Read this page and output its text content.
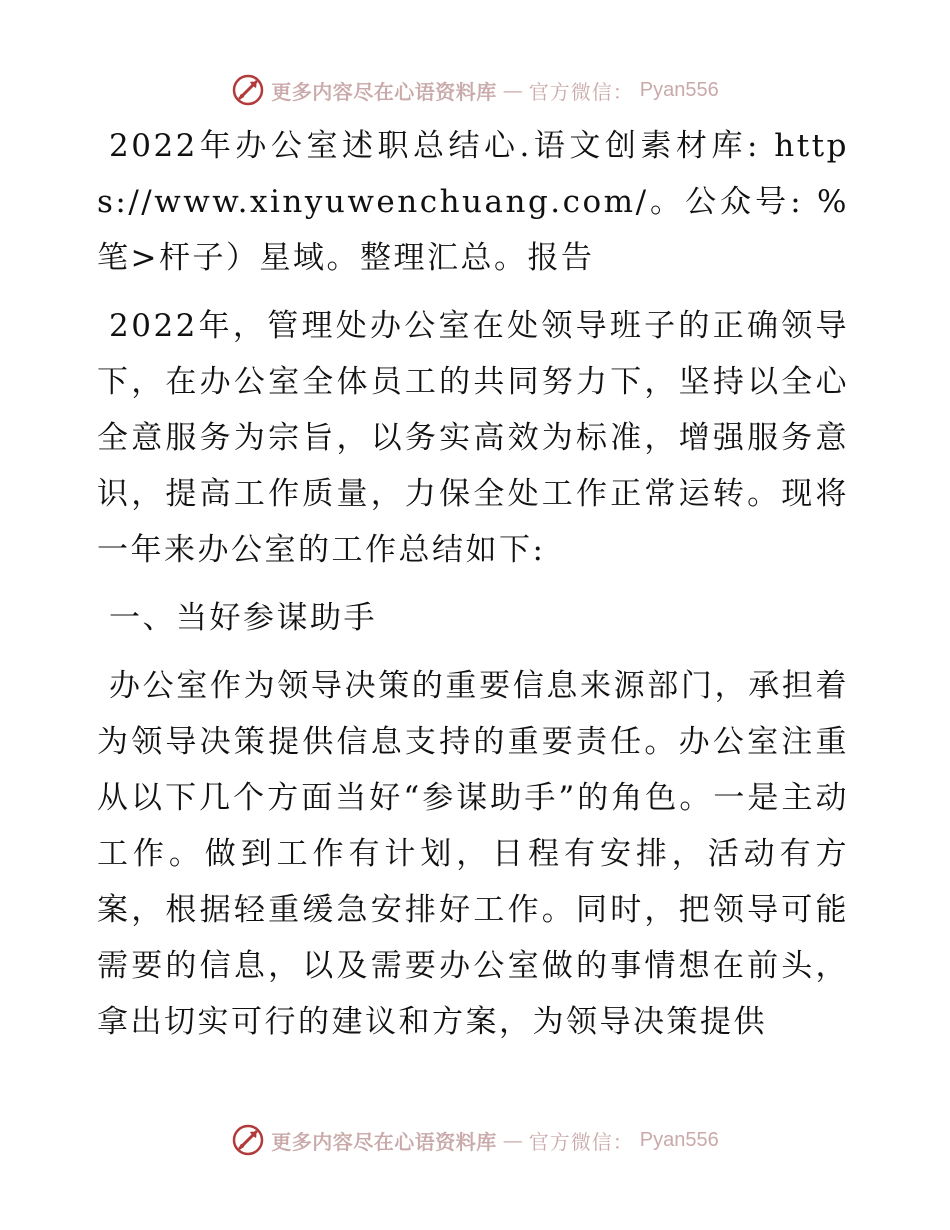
更多内容尽在心语资料库 — 官方微信： Pyan556

2022年办公室述职总结心.语文创素材库: https://www.xinyuwenchuang.com/。公众号: %笔>杆子）星域。整理汇总。报告

2022年，管理处办公室在处领导班子的正确领导下，在办公室全体员工的共同努力下，坚持以全心全意服务为宗旨，以务实高效为标准，增强服务意识，提高工作质量，力保全处工作正常运转。现将一年来办公室的工作总结如下:

一、当好参谋助手

办公室作为领导决策的重要信息来源部门，承担着为领导决策提供信息支持的重要责任。办公室注重从以下几个方面当好“参谋助手”的角色。一是主动工作。做到工作有计划，日程有安排，活动有方案，根据轻重缓急安排好工作。同时，把领导可能需要的信息，以及需要办公室做的事情想在前头，拿出切实可行的建议和方案，为领导决策提供

更多内容尽在心语资料库 — 官方微信： Pyan556
